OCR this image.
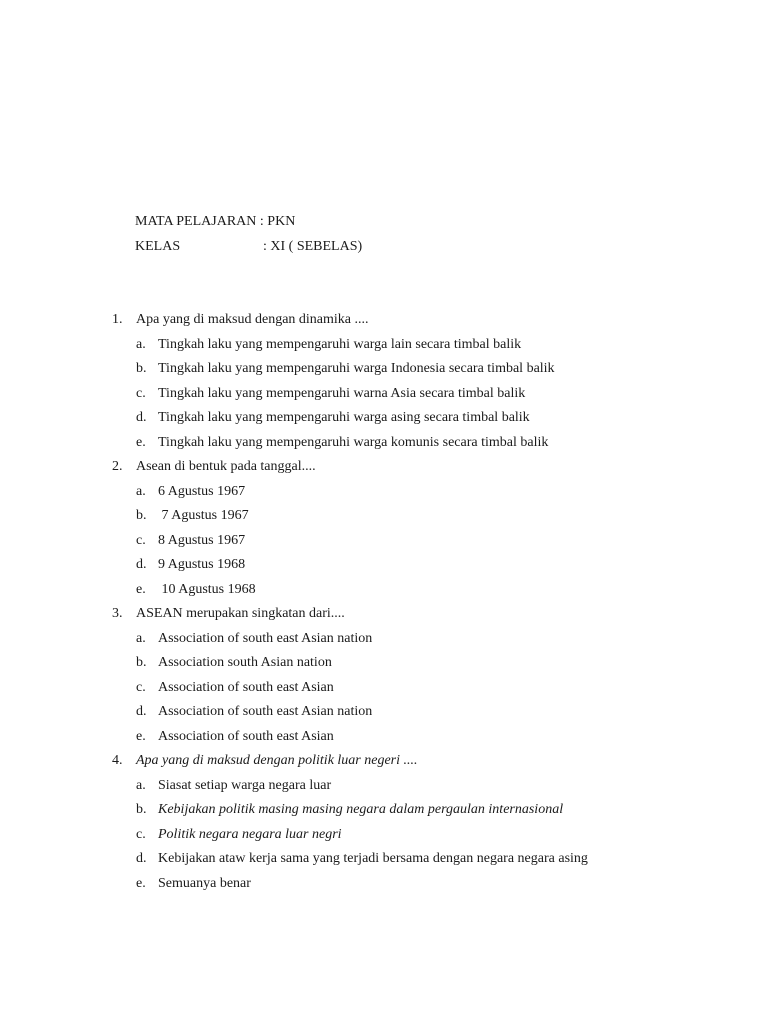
MATA PELAJARAN : PKN
KELAS	: XI ( SEBELAS)
1. Apa yang di maksud dengan dinamika ....
a. Tingkah laku yang mempengaruhi warga lain secara timbal balik
b. Tingkah laku yang mempengaruhi warga Indonesia secara timbal balik
c. Tingkah laku yang mempengaruhi warna Asia secara timbal balik
d. Tingkah laku yang mempengaruhi warga asing secara timbal balik
e. Tingkah laku yang mempengaruhi warga komunis secara timbal balik
2. Asean di bentuk pada tanggal....
a. 6 Agustus 1967
b. 7 Agustus 1967
c. 8 Agustus 1967
d. 9 Agustus 1968
e. 10 Agustus 1968
3. ASEAN merupakan singkatan dari....
a. Association of south east Asian nation
b. Association south Asian nation
c. Association of south east Asian
d. Association of south east Asian nation
e. Association of south east Asian
4. Apa yang di maksud dengan politik luar negeri ....
a. Siasat setiap warga negara luar
b. Kebijakan politik masing masing negara dalam pergaulan internasional
c. Politik negara negara luar negri
d. Kebijakan ataw kerja sama yang terjadi bersama dengan negara negara asing
e. Semuanya benar
